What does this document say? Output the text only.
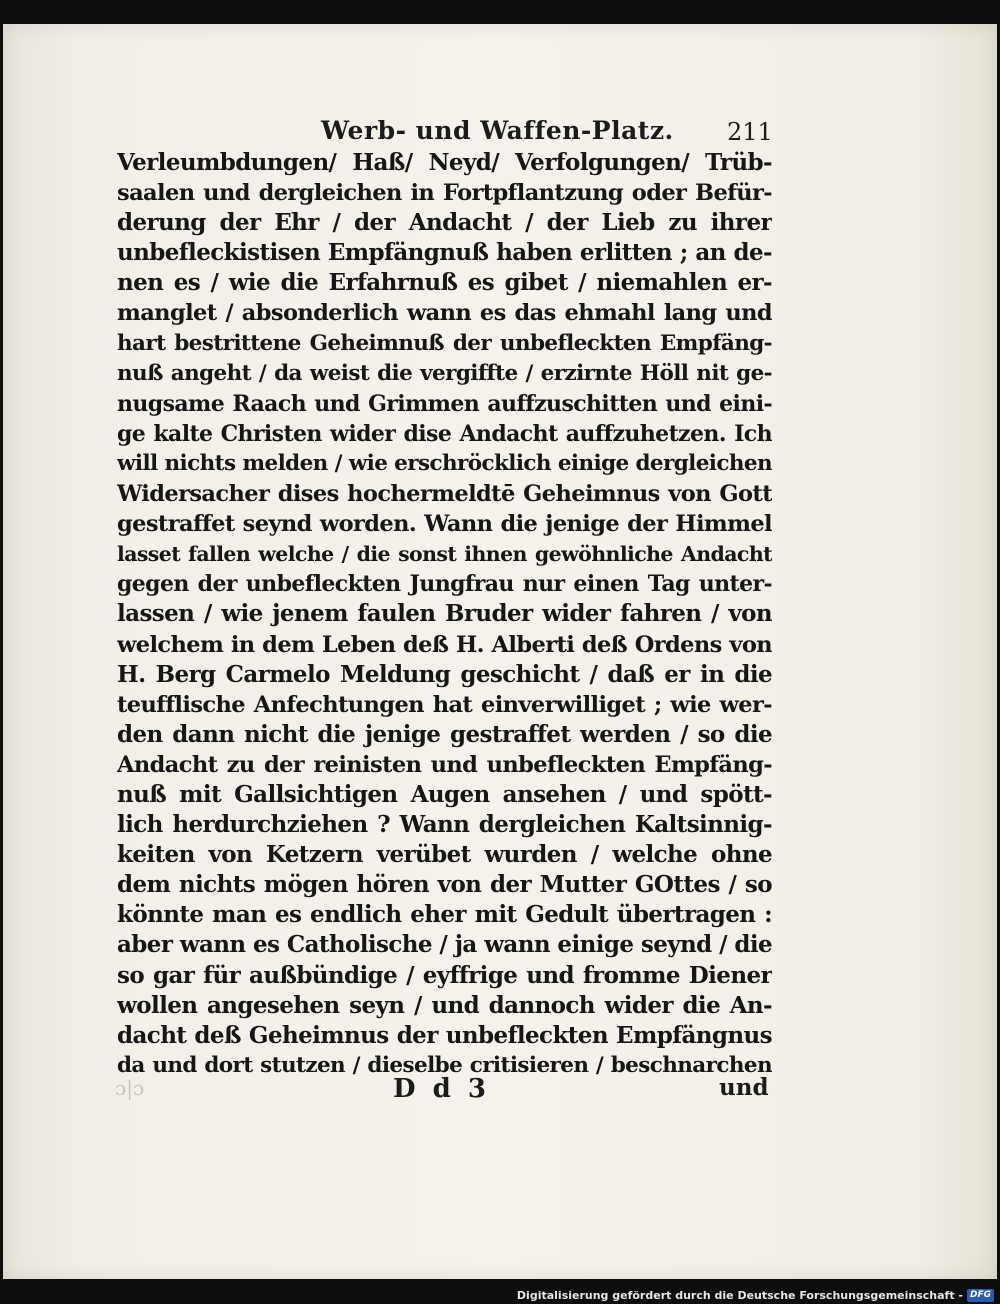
Werb- und Waffen-Platz. 211
Verleumbdungen/ Haß/ Neyd/ Verfolgungen/ Trüb-
saalen und dergleichen in Fortpflantzung oder Befür-
derung der Ehr / der Andacht / der Lieb zu ihrer
unbefleckistisen Empfängnuß haben erlitten ; an de-
nen es / wie die Erfahrnuß es gibet / niemahlen er-
manglet / absonderlich wann es das ehmahl lang und
hart bestrittene Geheimnuß der unbefleckten Empfäng-
nuß angeht / da weist die vergiffte / erzirnte Höll nit ge-
nugsame Raach und Grimmen auffzuschitten und eini-
ge kalte Christen wider dise Andacht auffzuhetzen. Ich
will nichts melden / wie erschröcklich einige dergleichen
Widersacher dises hochermeldtē Geheimnus von Gott
gestraffet seynd worden. Wann die jenige der Himmel
lasset fallen welche / die sonst ihnen gewöhnliche Andacht
gegen der unbefleckten Jungfrau nur einen Tag unter-
lassen / wie jenem faulen Bruder wider fahren / von
welchem in dem Leben deß H. Alberti deß Ordens von
H. Berg Carmelo Meldung geschicht / daß er in die
teufflische Anfechtungen hat einverwilliget ; wie wer-
den dann nicht die jenige gestraffet werden / so die
Andacht zu der reinisten und unbefleckten Empfäng-
nuß mit Gallsichtigen Augen ansehen / und spött-
lich herdurchziehen ? Wann dergleichen Kaltsinnig-
keiten von Ketzern verübet wurden / welche ohne
dem nichts mögen hören von der Mutter GOttes / so
könnte man es endlich eher mit Gedult übertragen :
aber wann es Catholische / ja wann einige seynd / die
so gar für außbündige / eyffrige und fromme Diener
wollen angesehen seyn / und dannoch wider die An-
dacht deß Geheimnus der unbefleckten Empfängnus
da und dort stutzen / dieselbe critisieren / beschnarchen
ɔ|ɔ	D d 3	und
Digitalisierung gefördert durch die Deutsche Forschungsgemeinschaft - DFG
